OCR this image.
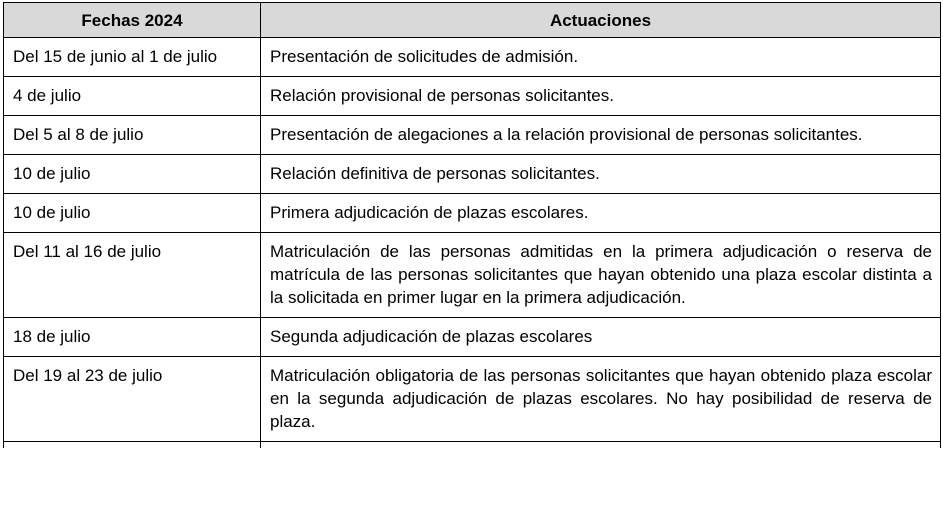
Fechas 2024	Actuaciones
Del 15 de junio al 1 de julio	Presentación de solicitudes de admisión.
4 de julio	Relación provisional de personas solicitantes.
Del 5 al 8 de julio	Presentación de alegaciones a la relación provisional de personas solicitantes.
10 de julio	Relación definitiva de personas solicitantes.
10 de julio	Primera adjudicación de plazas escolares.
Del 11 al 16 de julio	Matriculación de las personas admitidas en la primera adjudicación o reserva de matrícula de las personas solicitantes que hayan obtenido una plaza escolar distinta a la solicitada en primer lugar en la primera adjudicación.
18 de julio	Segunda adjudicación de plazas escolares
Del 19 al 23 de julio	Matriculación obligatoria de las personas solicitantes que hayan obtenido plaza escolar en la segunda adjudicación de plazas escolares. No hay posibilidad de reserva de plaza.
